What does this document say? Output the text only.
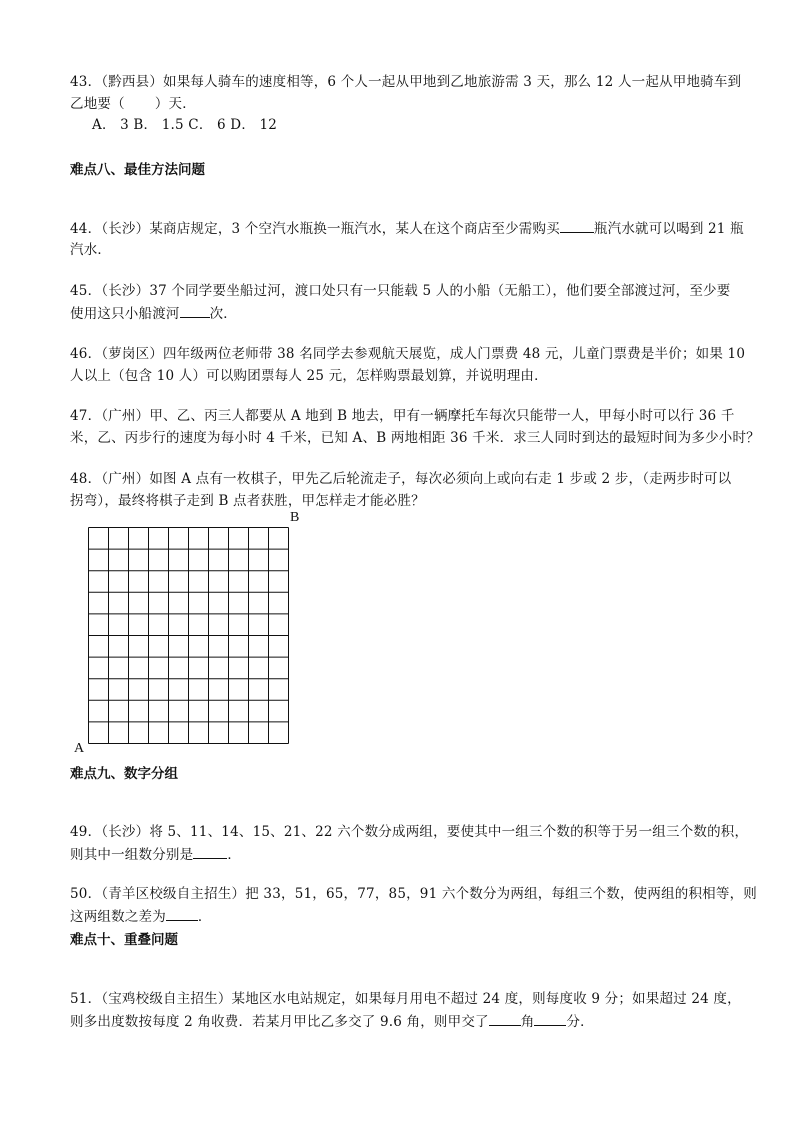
43．（黔西县）如果每人骑车的速度相等，6 个人一起从甲地到乙地旅游需 3 天，那么 12 人一起从甲地骑车到
乙地要（ ）天．
A． 3 B． 1.5 C． 6 D． 12
难点八、最佳方法问题
44．（长沙）某商店规定，3 个空汽水瓶换一瓶汽水，某人在这个商店至少需购买	瓶汽水就可以喝到 21 瓶
汽水．
45．（长沙）37 个同学要坐船过河，渡口处只有一只能载 5 人的小船（无船工），他们要全部渡过河，至少要
使用这只小船渡河 次．
46．（萝岗区）四年级两位老师带 38 名同学去参观航天展览，成人门票费 48 元，儿童门票费是半价；如果 10
人以上（包含 10 人）可以购团票每人 25 元，怎样购票最划算，并说明理由．
47．（广州）甲、乙、丙三人都要从 A 地到 B 地去，甲有一辆摩托车每次只能带一人，甲每小时可以行 36 千
米，乙、丙步行的速度为每小时 4 千米，已知 A、B 两地相距 36 千米．求三人同时到达的最短时间为多少小时？
48．（广州）如图 A 点有一枚棋子，甲先乙后轮流走子，每次必须向上或向右走 1 步或 2 步，（走两步时可以
拐弯），最终将棋子走到 B 点者获胜，甲怎样走才能必胜？
B
A
难点九、数字分组
49．（长沙）将 5、11、14、15、21、22 六个数分成两组，要使其中一组三个数的积等于另一组三个数的积，
则其中一组数分别是	．
50．（青羊区校级自主招生）把 33，51，65，77，85，91 六个数分为两组，每组三个数，使两组的积相等，则
这两组数之差为 ．
难点十、重叠问题
51．（宝鸡校级自主招生）某地区水电站规定，如果每月用电不超过 24 度，则每度收 9 分；如果超过 24 度，
则多出度数按每度 2 角收费．若某月甲比乙多交了 9.6 角，则甲交了 角 分．
